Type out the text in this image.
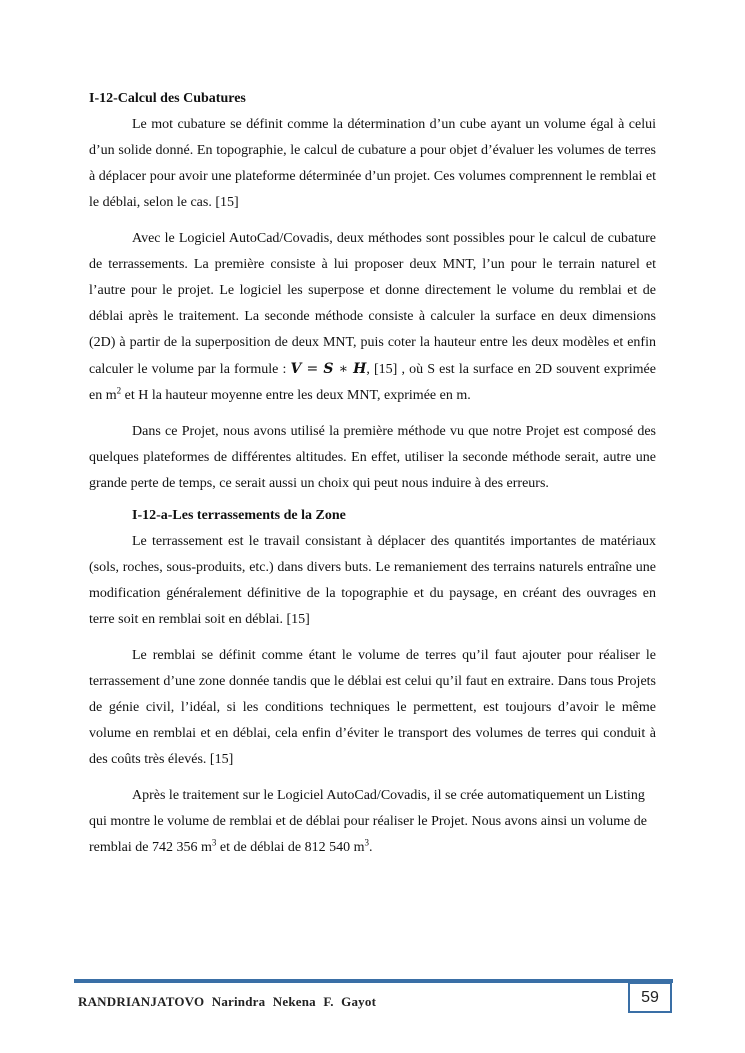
I-12-Calcul des Cubatures

Le mot cubature se définit comme la détermination d’un cube ayant un volume égal à celui d’un solide donné. En topographie, le calcul de cubature a pour objet d’évaluer les volumes de terres à déplacer pour avoir une plateforme déterminée d’un projet. Ces volumes comprennent le remblai et le déblai, selon le cas. [15]

Avec le Logiciel AutoCad/Covadis, deux méthodes sont possibles pour le calcul de cubature de terrassements. La première consiste à lui proposer deux MNT, l’un pour le terrain naturel et l’autre pour le projet. Le logiciel les superpose et donne directement le volume du remblai et de déblai après le traitement. La seconde méthode consiste à calculer la surface en deux dimensions (2D) à partir de la superposition de deux MNT, puis coter la hauteur entre les deux modèles et enfin calculer le volume par la formule : V = S ∗ H, [15] , où S est la surface en 2D souvent exprimée en $m^2$ et H la hauteur moyenne entre les deux MNT, exprimée en m.

Dans ce Projet, nous avons utilisé la première méthode vu que notre Projet est composé des quelques plateformes de différentes altitudes. En effet, utiliser la seconde méthode serait, autre une grande perte de temps, ce serait aussi un choix qui peut nous induire à des erreurs.

I-12-a-Les terrassements de la Zone

Le terrassement est le travail consistant à déplacer des quantités importantes de matériaux (sols, roches, sous-produits, etc.) dans divers buts. Le remaniement des terrains naturels entraîne une modification généralement définitive de la topographie et du paysage, en créant des ouvrages en terre soit en remblai soit en déblai. [15]

Le remblai se définit comme étant le volume de terres qu’il faut ajouter pour réaliser le terrassement d’une zone donnée tandis que le déblai est celui qu’il faut en extraire. Dans tous Projets de génie civil, l’idéal, si les conditions techniques le permettent, est toujours d’avoir le même volume en remblai et en déblai, cela enfin d’éviter le transport des volumes de terres qui conduit à des coûts très élevés. [15]

Après le traitement sur le Logiciel AutoCad/Covadis, il se crée automatiquement un Listing qui montre le volume de remblai et de déblai pour réaliser le Projet. Nous avons ainsi un volume de remblai de 742 356 $m^3$ et de déblai de 812 540 $m^3$.

RANDRIANJATOVO Narindra Nekena F. Gayot	59
